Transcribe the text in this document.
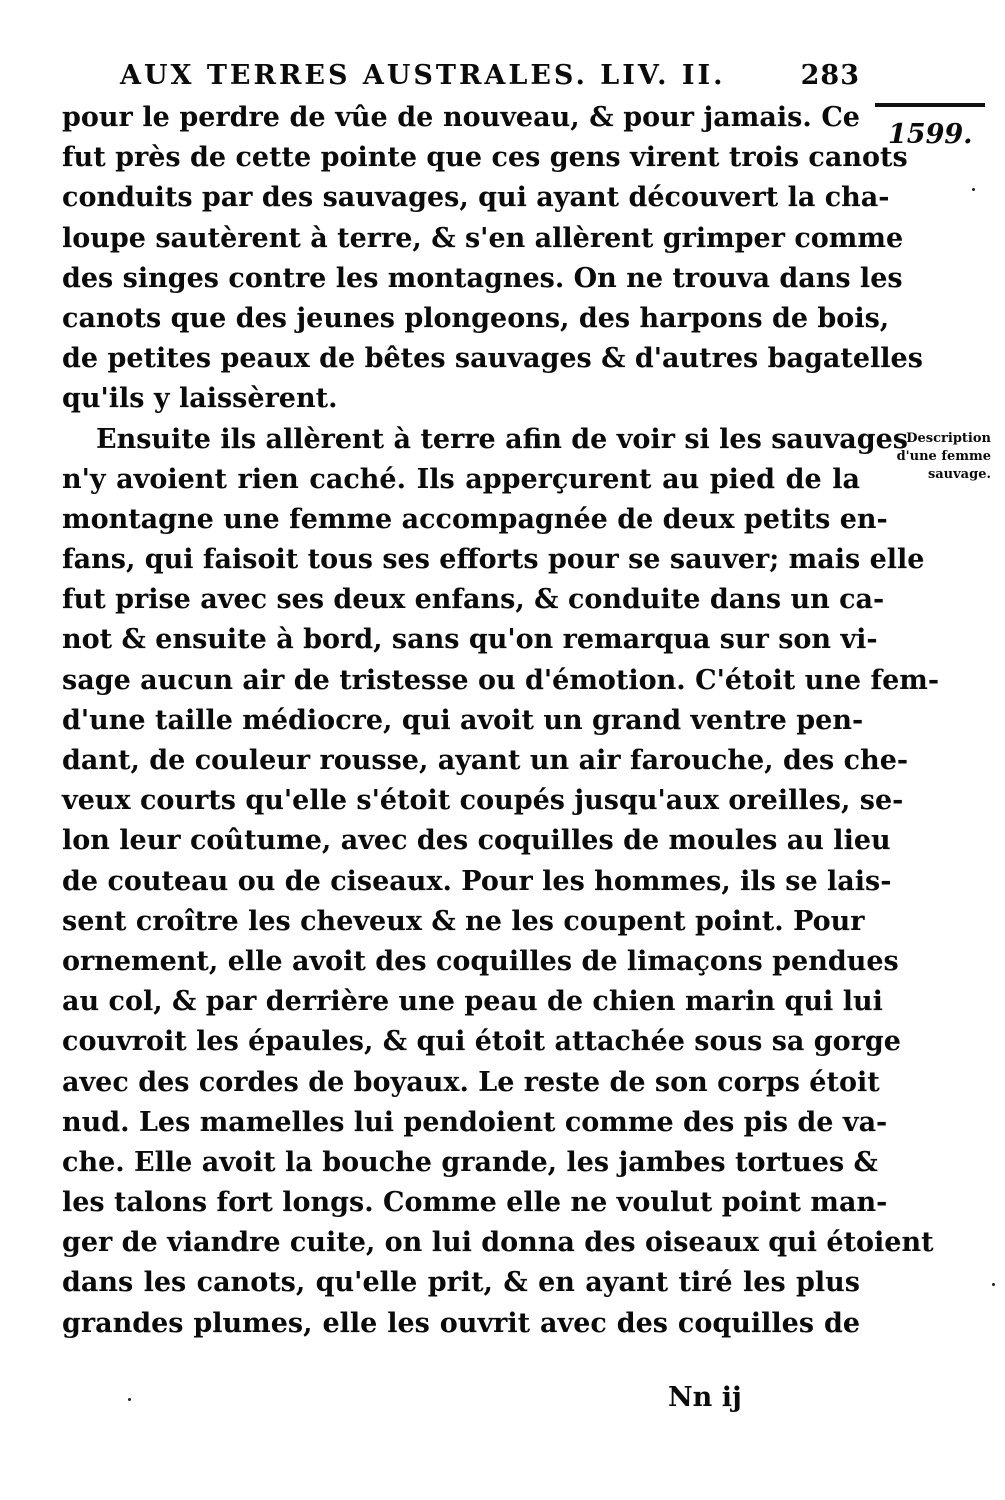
AUX TERRES AUSTRALES. LIV. II.	283
1599.
Description
d'une femme
sauvage.
pour le perdre de vûe de nouveau, & pour jamais. Ce
fut près de cette pointe que ces gens virent trois canots
conduits par des sauvages, qui ayant découvert la cha-
loupe sautèrent à terre, & s'en allèrent grimper comme
des singes contre les montagnes. On ne trouva dans les
canots que des jeunes plongeons, des harpons de bois,
de petites peaux de bêtes sauvages & d'autres bagatelles
qu'ils y laissèrent.
Ensuite ils allèrent à terre afin de voir si les sauvages
n'y avoient rien caché. Ils apperçurent au pied de la
montagne une femme accompagnée de deux petits en-
fans, qui faisoit tous ses efforts pour se sauver; mais elle
fut prise avec ses deux enfans, & conduite dans un ca-
not & ensuite à bord, sans qu'on remarqua sur son vi-
sage aucun air de tristesse ou d'émotion. C'étoit une fem-
d'une taille médiocre, qui avoit un grand ventre pen-
dant, de couleur rousse, ayant un air farouche, des che-
veux courts qu'elle s'étoit coupés jusqu'aux oreilles, se-
lon leur coûtume, avec des coquilles de moules au lieu
de couteau ou de ciseaux. Pour les hommes, ils se lais-
sent croître les cheveux & ne les coupent point. Pour
ornement, elle avoit des coquilles de limaçons pendues
au col, & par derrière une peau de chien marin qui lui
couvroit les épaules, & qui étoit attachée sous sa gorge
avec des cordes de boyaux. Le reste de son corps étoit
nud. Les mamelles lui pendoient comme des pis de va-
che. Elle avoit la bouche grande, les jambes tortues &
les talons fort longs. Comme elle ne voulut point man-
ger de viandre cuite, on lui donna des oiseaux qui étoient
dans les canots, qu'elle prit, & en ayant tiré les plus
grandes plumes, elle les ouvrit avec des coquilles de
Nn ij
